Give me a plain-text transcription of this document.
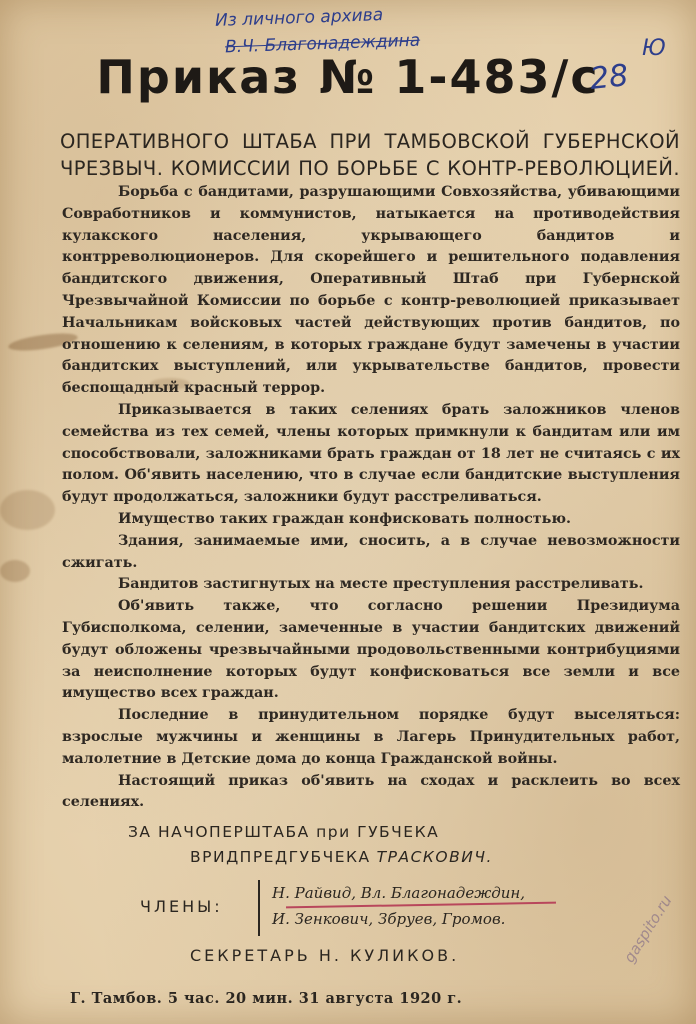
Из личного архива
В.Ч. Благонадеждина
Приказ № 1-483/с
28
Ю
ОПЕРАТИВНОГО ШТАБА ПРИ ТАМБОВСКОЙ ГУБЕРНСКОЙ ЧРЕЗВЫЧ. КОМИССИИ ПО БОРЬБЕ С КОНТР-РЕВОЛЮЦИЕЙ.

Борьба с бандитами, разрушающими Совхозяйства, убивающими Совработников и коммунистов, натыкается на противодействия кулакского населения, укрывающего бандитов и контрреволюционеров. Для скорейшего и решительного подавления бандитского движения, Оперативный Штаб при Губернской Чрезвычайной Комиссии по борьбе с контр-революцией приказывает Начальникам войсковых частей действующих против бандитов, по отношению к селениям, в которых граждане будут замечены в участии бандитских выступлений, или укрывательстве бандитов, провести беспощадный красный террор.

Приказывается в таких селениях брать заложников членов семейства из тех семей, члены которых примкнули к бандитам или им способствовали, заложниками брать граждан от 18 лет не считаясь с их полом. Об'явить населению, что в случае если бандитские выступления будут продолжаться, заложники будут расстреливаться.

Имущество таких граждан конфисковать полностью.

Здания, занимаемые ими, сносить, а в случае невозможности сжигать.

Бандитов застигнутых на месте преступления расстреливать.

Об'явить также, что согласно решении Президиума Губисполкома, селении, замеченные в участии бандитских движений будут обложены чрезвычайными продовольственными контрибуциями за неисполнение которых будут конфисковаться все земли и все имущество всех граждан.

Последние в принудительном порядке будут выселяться: взрослые мужчины и женщины в Лагерь Принудительных работ, малолетние в Детские дома до конца Гражданской войны.

Настоящий приказ об'явить на сходах и расклеить во всех селениях.

ЗА НАЧОПЕРШТАБА при ГУБЧЕКА
ВРИДПРЕДГУБЧЕКА ТРАСКОВИЧ.
ЧЛЕНЫ:
Н. Райвид, Вл. Благонадеждин,
И. Зенкович, Збруев, Громов.
СЕКРЕТАРЬ Н. КУЛИКОВ.
Г. Тамбов. 5 час. 20 мин. 31 августа 1920 г.
gaspito.ru
